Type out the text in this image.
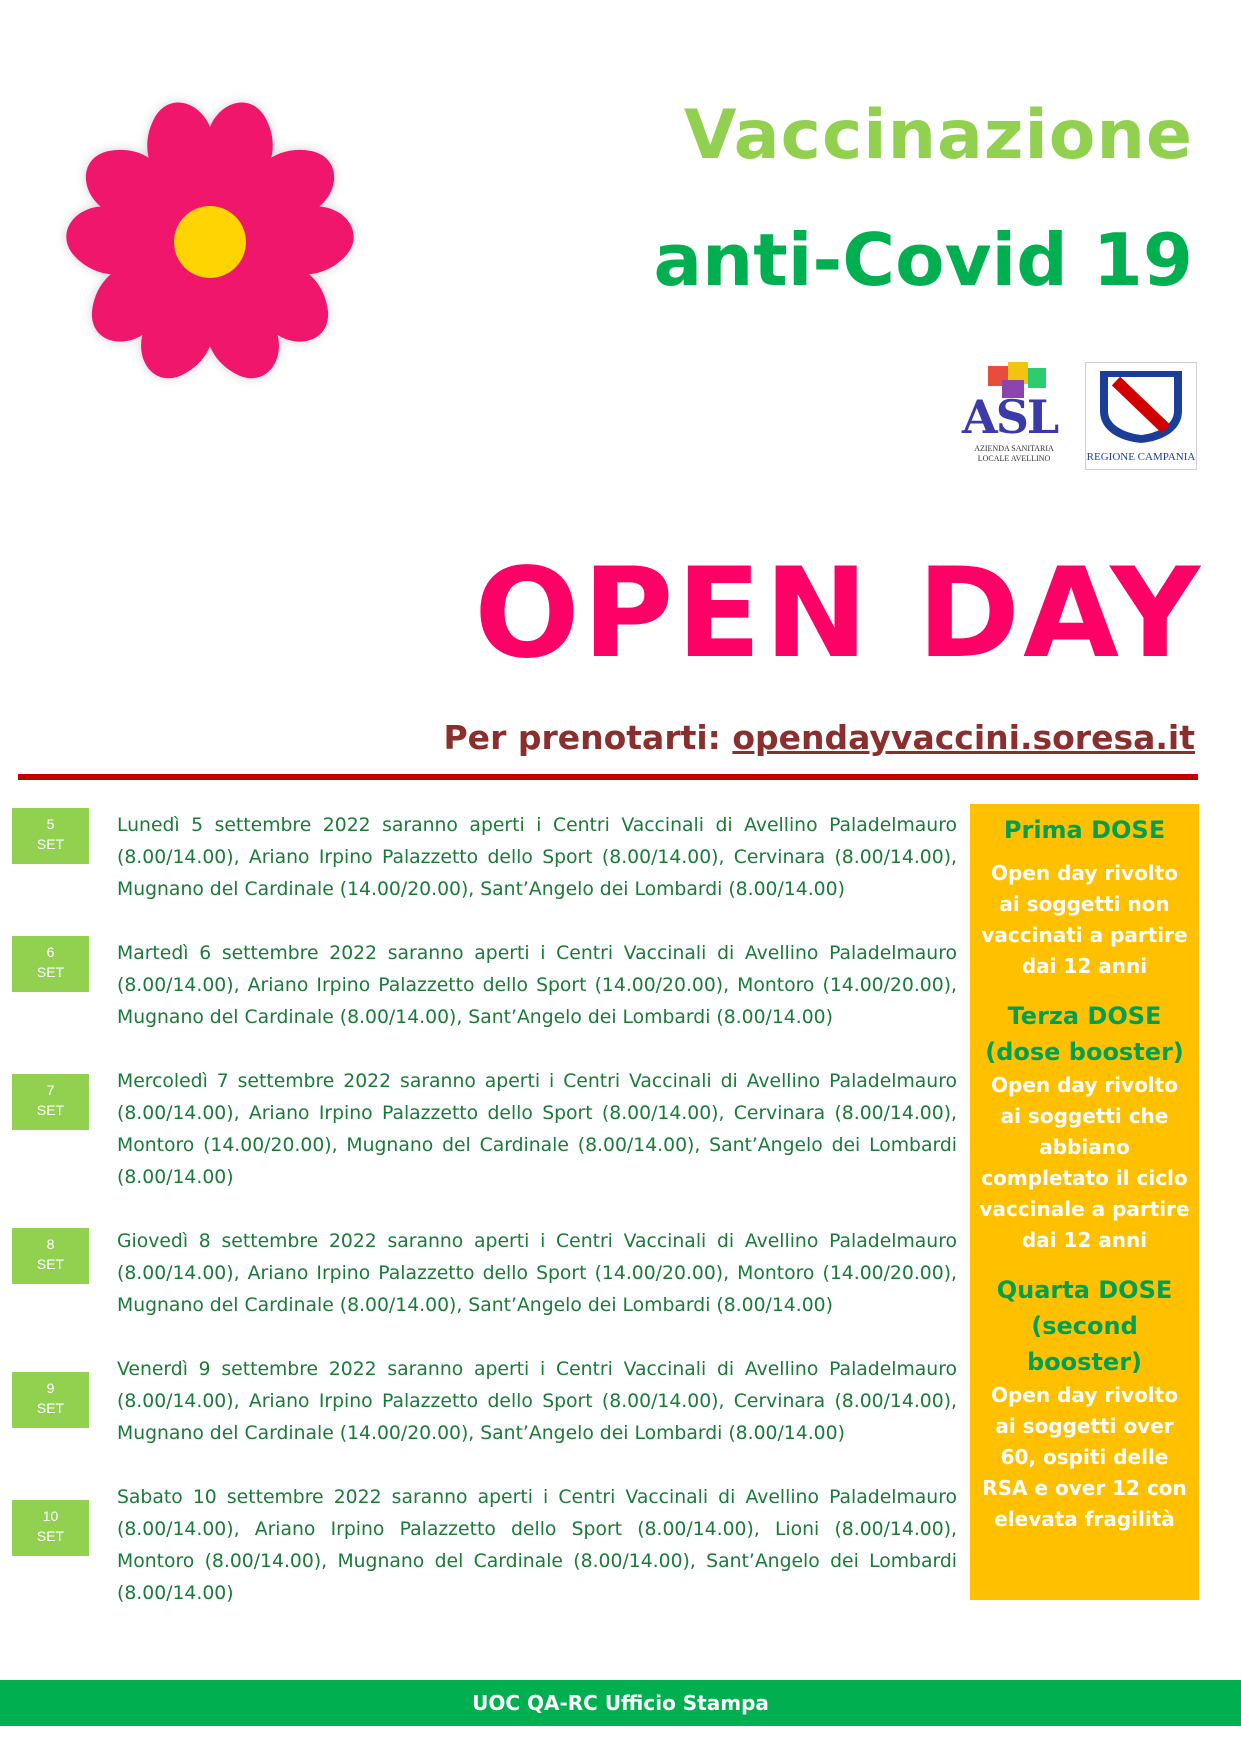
Vaccinazione
anti-Covid 19
ASL
AZIENDA SANITARIA LOCALE AVELLINO	REGIONE CAMPANIA
OPEN DAY
Per prenotarti: opendayvaccini.soresa.it
5
SET
Lunedì 5 settembre 2022 saranno aperti i Centri Vaccinali di Avellino Paladelmauro (8.00/14.00), Ariano Irpino Palazzetto dello Sport (8.00/14.00), Cervinara (8.00/14.00), Mugnano del Cardinale (14.00/20.00), Sant’Angelo dei Lombardi (8.00/14.00)
6
SET
Martedì 6 settembre 2022 saranno aperti i Centri Vaccinali di Avellino Paladelmauro (8.00/14.00), Ariano Irpino Palazzetto dello Sport (14.00/20.00), Montoro (14.00/20.00), Mugnano del Cardinale (8.00/14.00), Sant’Angelo dei Lombardi (8.00/14.00)
7
SET
Mercoledì 7 settembre 2022 saranno aperti i Centri Vaccinali di Avellino Paladelmauro (8.00/14.00), Ariano Irpino Palazzetto dello Sport (8.00/14.00), Cervinara (8.00/14.00), Montoro (14.00/20.00), Mugnano del Cardinale (8.00/14.00), Sant’Angelo dei Lombardi (8.00/14.00)
8
SET
Giovedì 8 settembre 2022 saranno aperti i Centri Vaccinali di Avellino Paladelmauro (8.00/14.00), Ariano Irpino Palazzetto dello Sport (14.00/20.00), Montoro (14.00/20.00), Mugnano del Cardinale (8.00/14.00), Sant’Angelo dei Lombardi (8.00/14.00)
9
SET
Venerdì 9 settembre 2022 saranno aperti i Centri Vaccinali di Avellino Paladelmauro (8.00/14.00), Ariano Irpino Palazzetto dello Sport (8.00/14.00), Cervinara (8.00/14.00), Mugnano del Cardinale (14.00/20.00), Sant’Angelo dei Lombardi (8.00/14.00)
10
SET
Sabato 10 settembre 2022 saranno aperti i Centri Vaccinali di Avellino Paladelmauro (8.00/14.00), Ariano Irpino Palazzetto dello Sport (8.00/14.00), Lioni (8.00/14.00), Montoro (8.00/14.00), Mugnano del Cardinale (8.00/14.00), Sant’Angelo dei Lombardi (8.00/14.00)
Prima DOSE
Open day rivolto ai soggetti non vaccinati a partire dai 12 anni
Terza DOSE (dose booster)
Open day rivolto ai soggetti che abbiano completato il ciclo vaccinale a partire dai 12 anni
Quarta DOSE (second booster)
Open day rivolto ai soggetti over 60, ospiti delle RSA e over 12 con elevata fragilità
UOC QA-RC Ufficio Stampa
